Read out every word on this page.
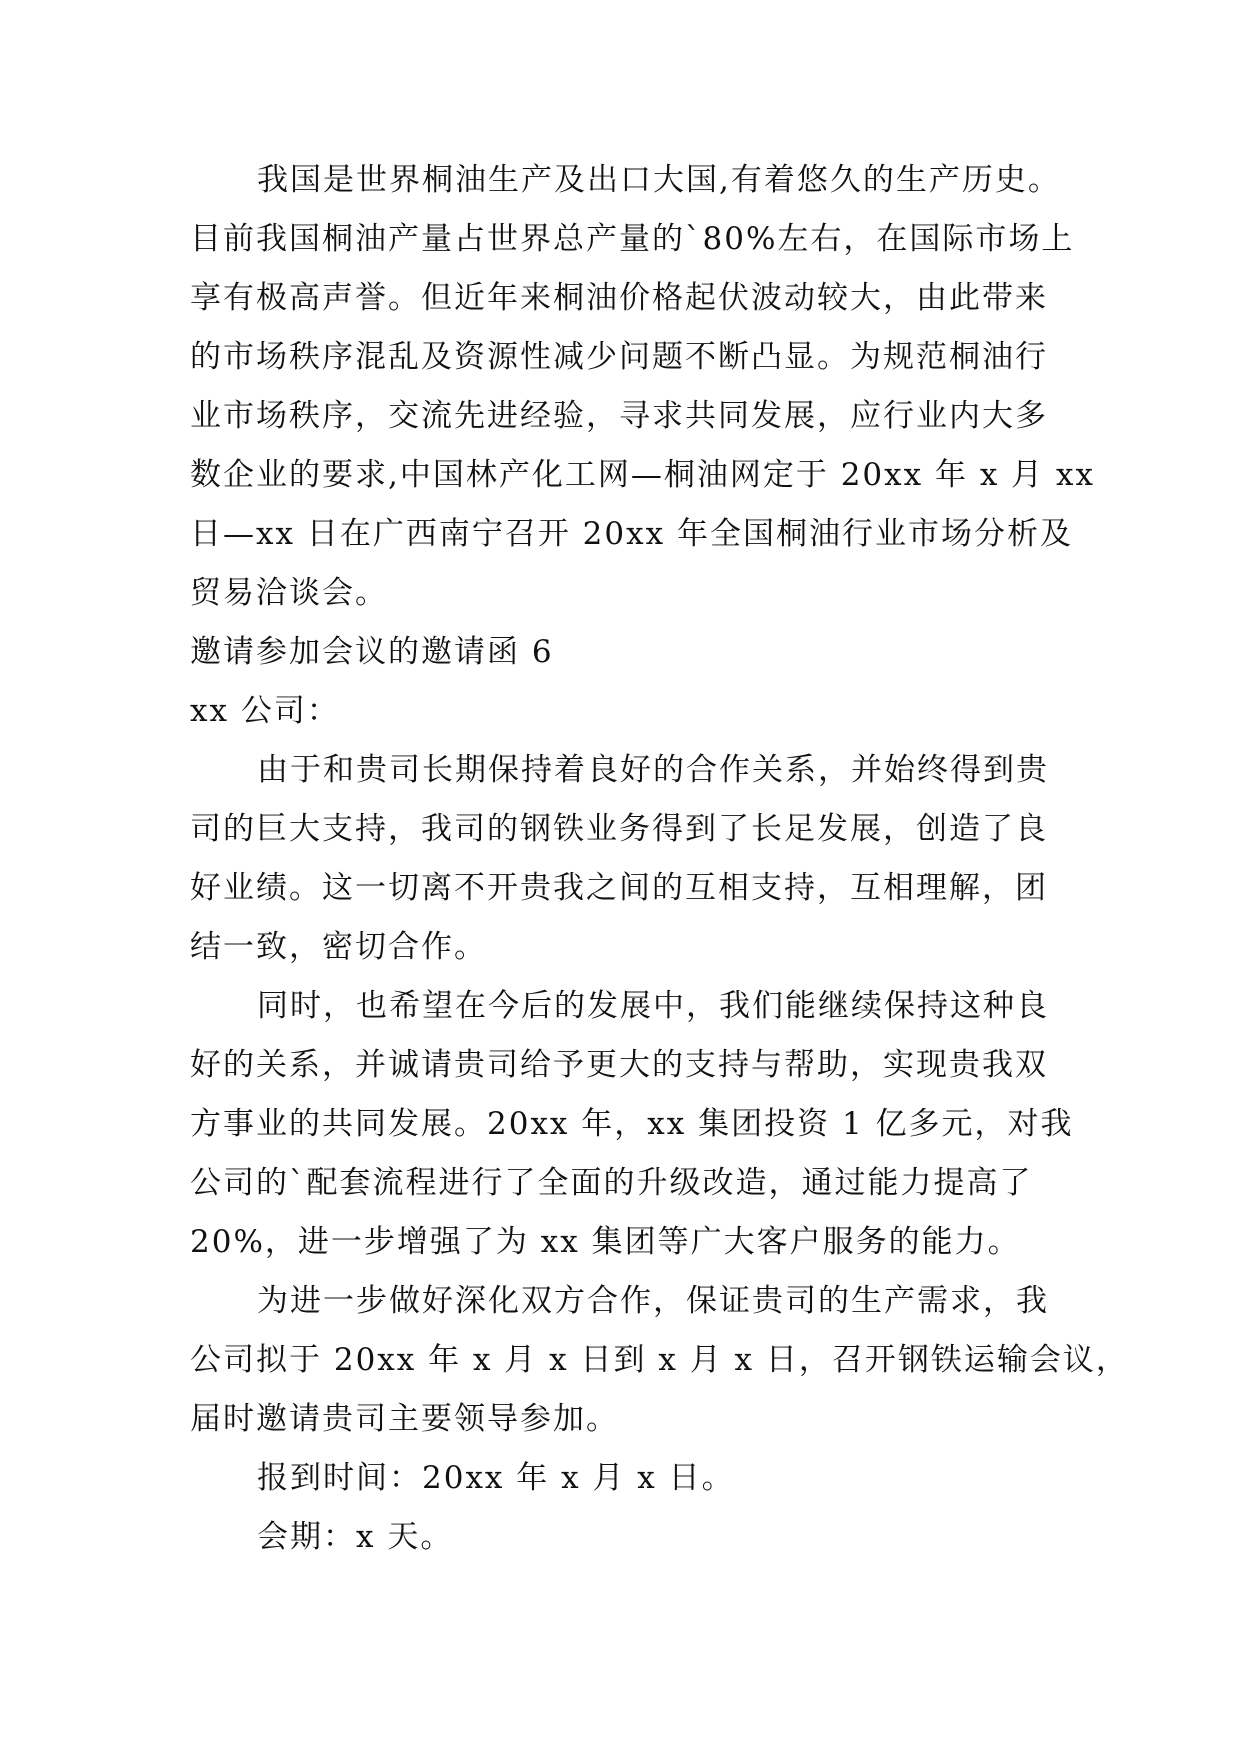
我国是世界桐油生产及出口大国,有着悠久的生产历史。
目前我国桐油产量占世界总产量的`80%左右，在国际市场上
享有极高声誉。但近年来桐油价格起伏波动较大，由此带来
的市场秩序混乱及资源性减少问题不断凸显。为规范桐油行
业市场秩序，交流先进经验，寻求共同发展，应行业内大多
数企业的要求,中国林产化工网—桐油网定于 20xx 年 x 月 xx
日—xx 日在广西南宁召开 20xx 年全国桐油行业市场分析及
贸易洽谈会。
邀请参加会议的邀请函 6
xx 公司：
由于和贵司长期保持着良好的合作关系，并始终得到贵
司的巨大支持，我司的钢铁业务得到了长足发展，创造了良
好业绩。这一切离不开贵我之间的互相支持，互相理解，团
结一致，密切合作。
同时，也希望在今后的发展中，我们能继续保持这种良
好的关系，并诚请贵司给予更大的支持与帮助，实现贵我双
方事业的共同发展。20xx 年，xx 集团投资 1 亿多元，对我
公司的`配套流程进行了全面的升级改造，通过能力提高了
20%，进一步增强了为 xx 集团等广大客户服务的能力。
为进一步做好深化双方合作，保证贵司的生产需求，我
公司拟于 20xx 年 x 月 x 日到 x 月 x 日，召开钢铁运输会议，
届时邀请贵司主要领导参加。
报到时间：20xx 年 x 月 x 日。
会期：x 天。
